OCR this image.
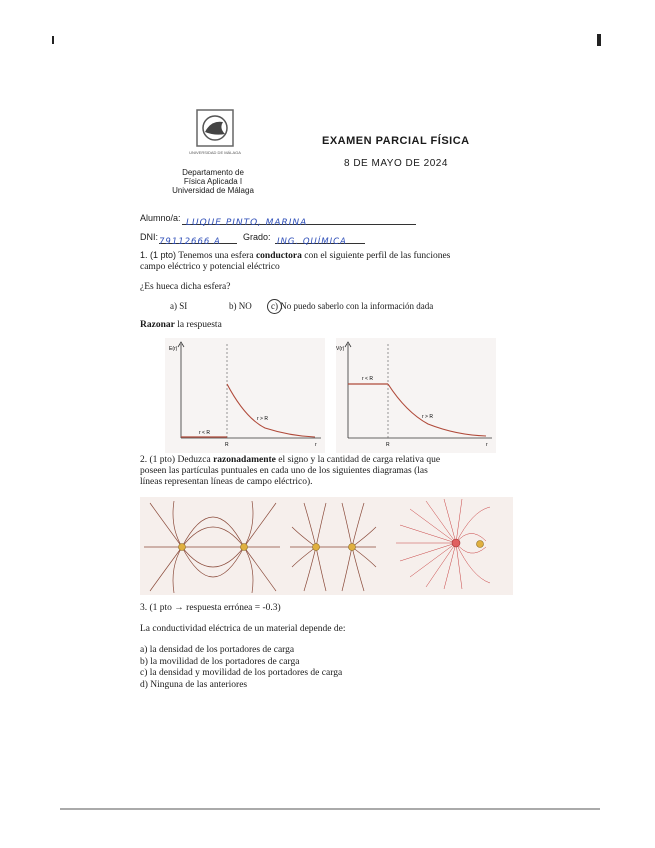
UNIVERSIDAD DE MÁLAGA
Departamento de
Física Aplicada I
Universidad de Málaga
EXAMEN PARCIAL FÍSICA
8 DE MAYO DE 2024
Alumno/a: LUQUE PINTO, MARINA
DNI: 79112666 A	Grado: ING. QUÍMICA
1. (1 pto) Tenemos una esfera conductora con el siguiente perfil de las funciones
campo eléctrico y potencial eléctrico
¿Es hueca dicha esfera?
a) SI	b) NO c) No puedo saberlo con la información dada
Razonar la respuesta
E(r)
r < R
r > R
R	r
V(r)
r < R
r > R
R	r
2. (1 pto) Deduzca razonadamente el signo y la cantidad de carga relativa que
poseen las partículas puntuales en cada uno de los siguientes diagramas (las
líneas representan líneas de campo eléctrico).
3. (1 pto → respuesta errónea = -0.3)
La conductividad eléctrica de un material depende de:
a) la densidad de los portadores de carga
b) la movilidad de los portadores de carga
c) la densidad y movilidad de los portadores de carga
d) Ninguna de las anteriores
